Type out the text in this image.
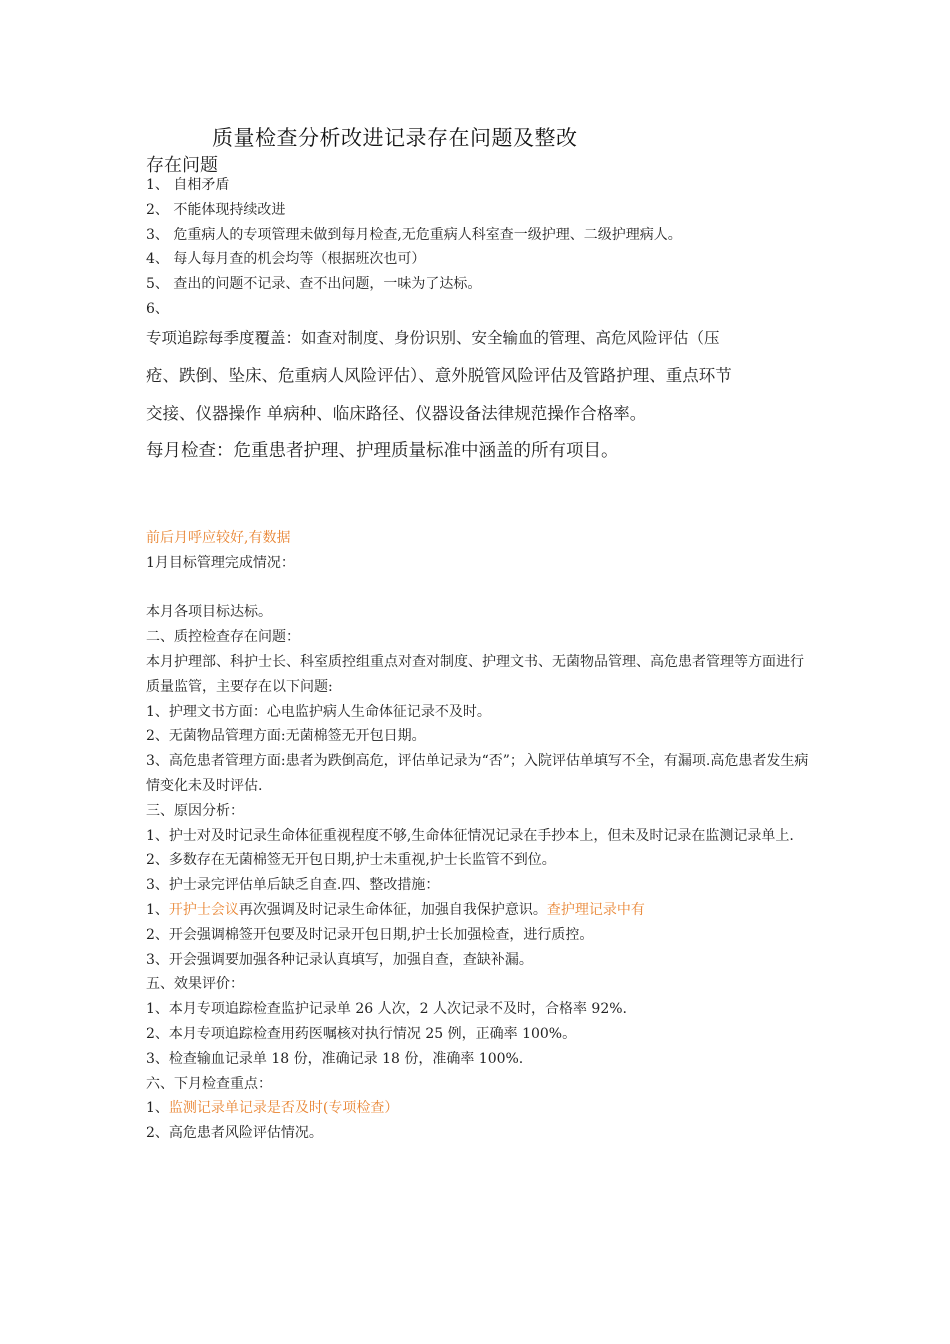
质量检查分析改进记录存在问题及整改
存在问题
1、 自相矛盾
2、 不能体现持续改进
3、 危重病人的专项管理未做到每月检查,无危重病人科室查一级护理、二级护理病人。
4、 每人每月查的机会均等（根据班次也可）
5、 查出的问题不记录、查不出问题，一味为了达标。
6、
专项追踪每季度覆盖：如查对制度、身份识别、安全输血的管理、高危风险评估（压
疮、跌倒、坠床、危重病人风险评估）、意外脱管风险评估及管路护理、重点环节
交接、仪器操作 单病种、临床路径、仪器设备法律规范操作合格率。
每月检查：危重患者护理、护理质量标准中涵盖的所有项目。
前后月呼应较好,有数据
1月目标管理完成情况：
本月各项目标达标。
二、质控检查存在问题：
本月护理部、科护士长、科室质控组重点对查对制度、护理文书、无菌物品管理、高危患者管理等方面进行质量监管，主要存在以下问题:
1、护理文书方面：心电监护病人生命体征记录不及时。
2、无菌物品管理方面:无菌棉签无开包日期。
3、高危患者管理方面:患者为跌倒高危，评估单记录为“否”；入院评估单填写不全，有漏项.高危患者发生病情变化未及时评估.
三、原因分析：
1、护士对及时记录生命体征重视程度不够,生命体征情况记录在手抄本上，但未及时记录在监测记录单上.
2、多数存在无菌棉签无开包日期,护士未重视,护士长监管不到位。
3、护士录完评估单后缺乏自查.四、整改措施：
1、开护士会议再次强调及时记录生命体征，加强自我保护意识。查护理记录中有
2、开会强调棉签开包要及时记录开包日期,护士长加强检查，进行质控。
3、开会强调要加强各种记录认真填写，加强自查，查缺补漏。
五、效果评价：
1、本月专项追踪检查监护记录单 26 人次，2 人次记录不及时，合格率 92%.
2、本月专项追踪检查用药医嘱核对执行情况 25 例，正确率 100%。
3、检查输血记录单 18 份，准确记录 18 份，准确率 100%.
六、下月检查重点：
1、监测记录单记录是否及时(专项检查）
2、高危患者风险评估情况。
